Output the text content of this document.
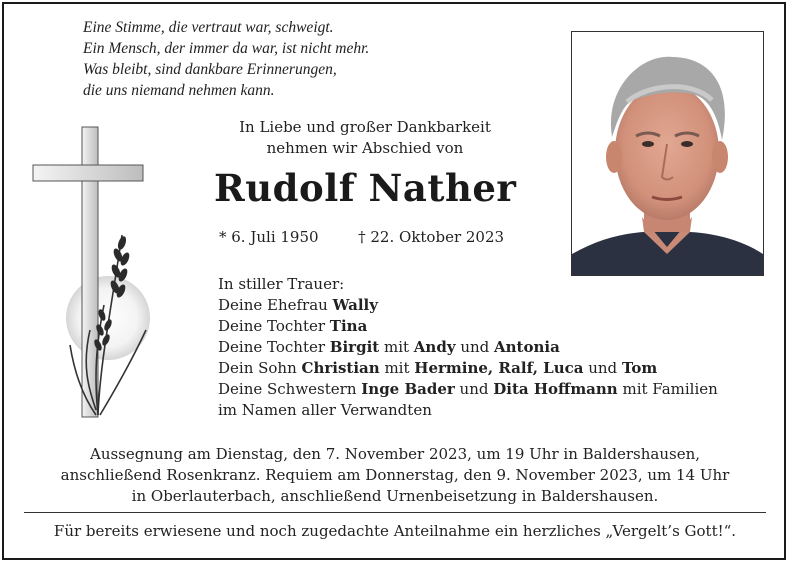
Eine Stimme, die vertraut war, schweigt.
Ein Mensch, der immer da war, ist nicht mehr.
Was bleibt, sind dankbare Erinnerungen,
die uns niemand nehmen kann.
In Liebe und großer Dankbarkeit
nehmen wir Abschied von
Rudolf Nather
* 6. Juli 1950	† 22. Oktober 2023
In stiller Trauer:
Deine Ehefrau Wally
Deine Tochter Tina
Deine Tochter Birgit mit Andy und Antonia
Dein Sohn Christian mit Hermine, Ralf, Luca und Tom
Deine Schwestern Inge Bader und Dita Hoffmann mit Familien
im Namen aller Verwandten
Aussegnung am Dienstag, den 7. November 2023, um 19 Uhr in Baldershausen,
anschließend Rosenkranz. Requiem am Donnerstag, den 9. November 2023, um 14 Uhr
in Oberlauterbach, anschließend Urnenbeisetzung in Baldershausen.
Für bereits erwiesene und noch zugedachte Anteilnahme ein herzliches „Vergelt’s Gott!“.
